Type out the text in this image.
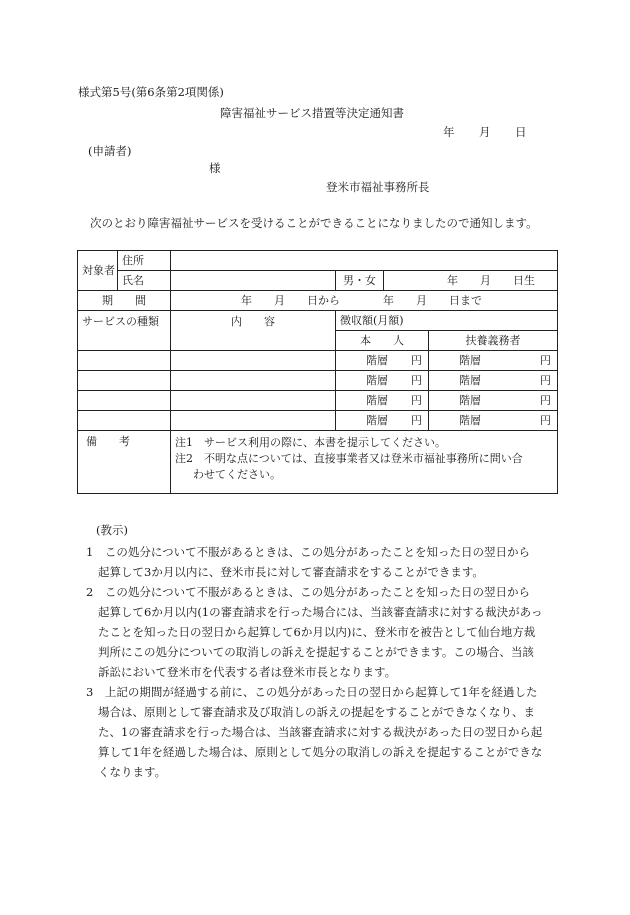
様式第5号(第6条第2項関係)
障害福祉サービス措置等決定通知書
年 月 日
(申請者)
様
登米市福祉事務所長
次のとおり障害福祉サービスを受けることができることになりましたので通知します。
対象者	住所				
	氏名		男・女	年　　月　　日生	
期　　間		年　　月　　日から 年　　月　　日まで			
サービスの種類		内　　容	徴収額(月額)		
			本　　人		扶養義務者

			階層 円		階層 円

			階層 円		階層 円

			階層 円		階層 円

			階層 円		階層 円

備　　考		注1　サービス利用の際に、本書を提示してください。
注2　不明な点については、直接事業者又は登米市福祉事務所に問い合
わせてください。			
(教示)
1　この処分について不服があるときは、この処分があったことを知った日の翌日から
起算して3か月以内に、登米市長に対して審査請求をすることができます。
2　この処分について不服があるときは、この処分があったことを知った日の翌日から
起算して6か月以内(1の審査請求を行った場合には、当該審査請求に対する裁決があっ
たことを知った日の翌日から起算して6か月以内)に、登米市を被告として仙台地方裁
判所にこの処分についての取消しの訴えを提起することができます。この場合、当該
訴訟において登米市を代表する者は登米市長となります。
3　上記の期間が経過する前に、この処分があった日の翌日から起算して1年を経過した
場合は、原則として審査請求及び取消しの訴えの提起をすることができなくなり、ま
た、1の審査請求を行った場合は、当該審査請求に対する裁決があった日の翌日から起
算して1年を経過した場合は、原則として処分の取消しの訴えを提起することができな
くなります。
